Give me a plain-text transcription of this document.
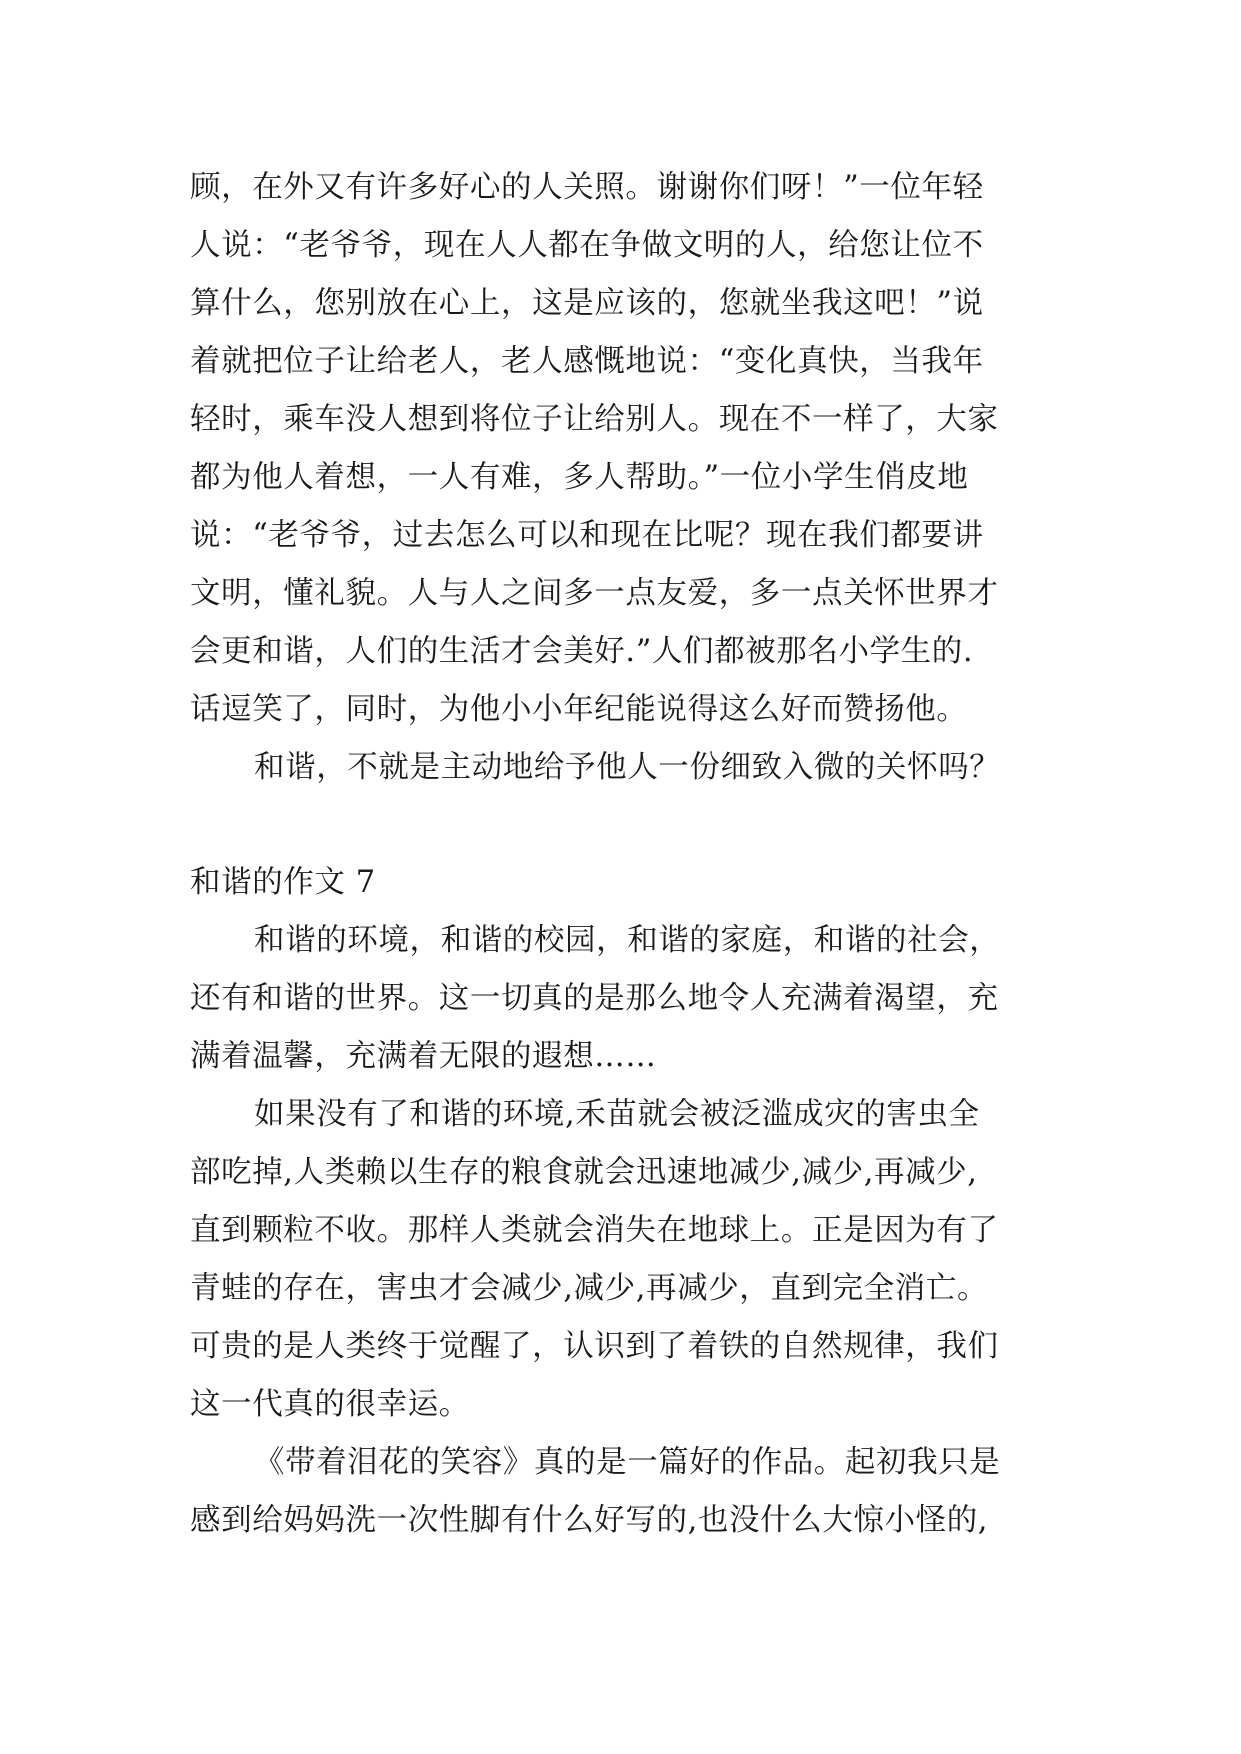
顾，在外又有许多好心的人关照。谢谢你们呀！”一位年轻
人说：“老爷爷，现在人人都在争做文明的人，给您让位不
算什么，您别放在心上，这是应该的，您就坐我这吧！”说
着就把位子让给老人，老人感慨地说：“变化真快，当我年
轻时，乘车没人想到将位子让给别人。现在不一样了，大家
都为他人着想，一人有难，多人帮助。”一位小学生俏皮地
说：“老爷爷，过去怎么可以和现在比呢？现在我们都要讲
文明，懂礼貌。人与人之间多一点友爱，多一点关怀世界才
会更和谐，人们的生活才会美好.”人们都被那名小学生的.
话逗笑了，同时，为他小小年纪能说得这么好而赞扬他。
和谐，不就是主动地给予他人一份细致入微的关怀吗？
和谐的作文 7
和谐的环境，和谐的校园，和谐的家庭，和谐的社会，
还有和谐的世界。这一切真的是那么地令人充满着渴望，充
满着温馨，充满着无限的遐想……
如果没有了和谐的环境,禾苗就会被泛滥成灾的害虫全
部吃掉,人类赖以生存的粮食就会迅速地减少,减少,再减少,
直到颗粒不收。那样人类就会消失在地球上。正是因为有了
青蛙的存在，害虫才会减少,减少,再减少，直到完全消亡。
可贵的是人类终于觉醒了，认识到了着铁的自然规律，我们
这一代真的很幸运。
《带着泪花的笑容》真的是一篇好的作品。起初我只是
感到给妈妈洗一次性脚有什么好写的,也没什么大惊小怪的,
